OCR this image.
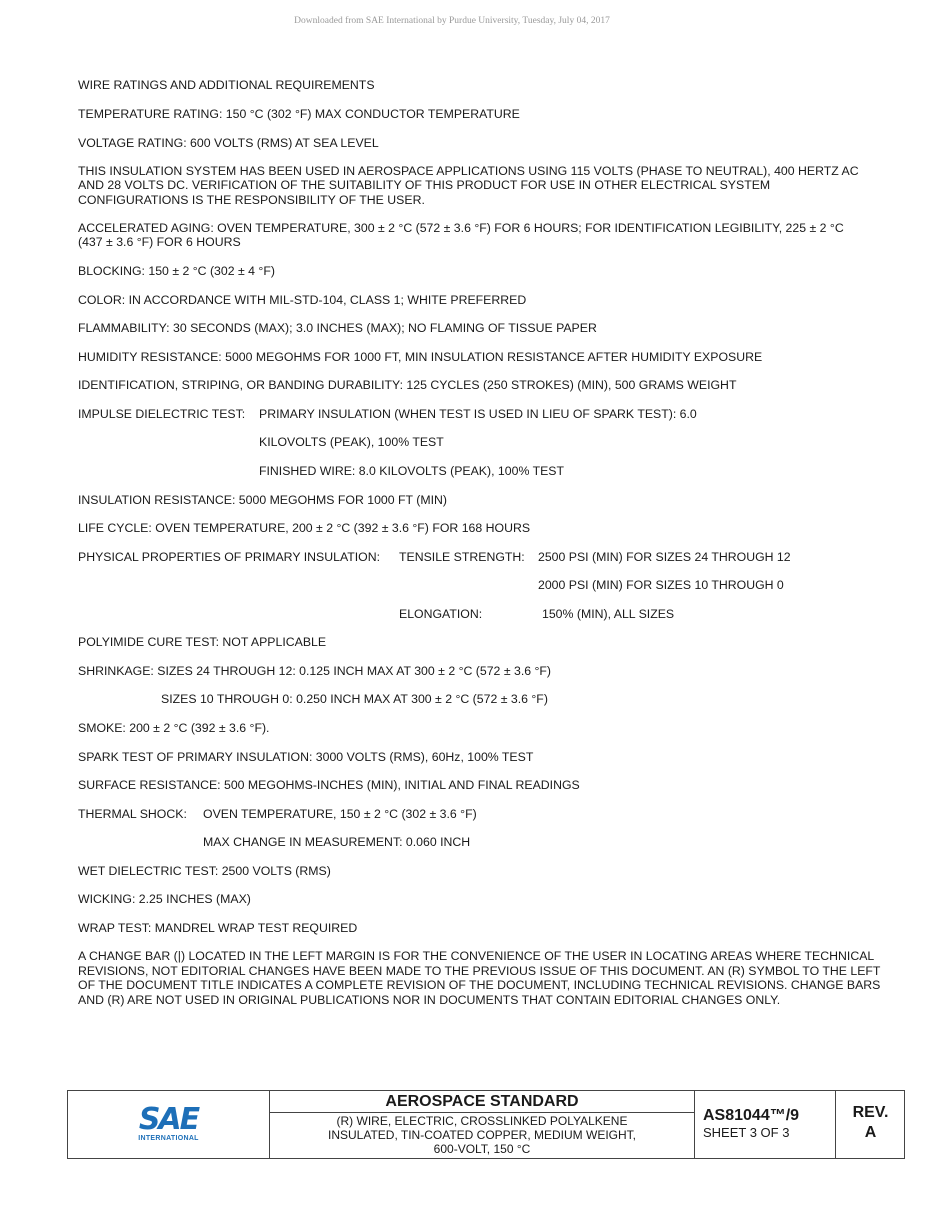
Downloaded from SAE International by Purdue University, Tuesday, July 04, 2017
WIRE RATINGS AND ADDITIONAL REQUIREMENTS
TEMPERATURE RATING: 150 °C (302 °F) MAX CONDUCTOR TEMPERATURE
VOLTAGE RATING: 600 VOLTS (RMS) AT SEA LEVEL
THIS INSULATION SYSTEM HAS BEEN USED IN AEROSPACE APPLICATIONS USING 115 VOLTS (PHASE TO NEUTRAL), 400 HERTZ AC
AND 28 VOLTS DC. VERIFICATION OF THE SUITABILITY OF THIS PRODUCT FOR USE IN OTHER ELECTRICAL SYSTEM
CONFIGURATIONS IS THE RESPONSIBILITY OF THE USER.
ACCELERATED AGING: OVEN TEMPERATURE, 300 ± 2 °C (572 ± 3.6 °F) FOR 6 HOURS; FOR IDENTIFICATION LEGIBILITY, 225 ± 2 °C
(437 ± 3.6 °F) FOR 6 HOURS
BLOCKING: 150 ± 2 °C (302 ± 4 °F)
COLOR: IN ACCORDANCE WITH MIL-STD-104, CLASS 1; WHITE PREFERRED
FLAMMABILITY: 30 SECONDS (MAX); 3.0 INCHES (MAX); NO FLAMING OF TISSUE PAPER
HUMIDITY RESISTANCE: 5000 MEGOHMS FOR 1000 FT, MIN INSULATION RESISTANCE AFTER HUMIDITY EXPOSURE
IDENTIFICATION, STRIPING, OR BANDING DURABILITY: 125 CYCLES (250 STROKES) (MIN), 500 GRAMS WEIGHT
IMPULSE DIELECTRIC TEST: PRIMARY INSULATION (WHEN TEST IS USED IN LIEU OF SPARK TEST): 6.0
KILOVOLTS (PEAK), 100% TEST
FINISHED WIRE: 8.0 KILOVOLTS (PEAK), 100% TEST
INSULATION RESISTANCE: 5000 MEGOHMS FOR 1000 FT (MIN)
LIFE CYCLE: OVEN TEMPERATURE, 200 ± 2 °C (392 ± 3.6 °F) FOR 168 HOURS
PHYSICAL PROPERTIES OF PRIMARY INSULATION: TENSILE STRENGTH: 2500 PSI (MIN) FOR SIZES 24 THROUGH 12
2000 PSI (MIN) FOR SIZES 10 THROUGH 0
ELONGATION:	150% (MIN), ALL SIZES
POLYIMIDE CURE TEST: NOT APPLICABLE
SHRINKAGE: SIZES 24 THROUGH 12: 0.125 INCH MAX AT 300 ± 2 °C (572 ± 3.6 °F)
SIZES 10 THROUGH 0: 0.250 INCH MAX AT 300 ± 2 °C (572 ± 3.6 °F)
SMOKE: 200 ± 2 °C (392 ± 3.6 °F).
SPARK TEST OF PRIMARY INSULATION: 3000 VOLTS (RMS), 60Hz, 100% TEST
SURFACE RESISTANCE: 500 MEGOHMS-INCHES (MIN), INITIAL AND FINAL READINGS
THERMAL SHOCK: OVEN TEMPERATURE, 150 ± 2 °C (302 ± 3.6 °F)
MAX CHANGE IN MEASUREMENT: 0.060 INCH
WET DIELECTRIC TEST: 2500 VOLTS (RMS)
WICKING: 2.25 INCHES (MAX)
WRAP TEST: MANDREL WRAP TEST REQUIRED
A CHANGE BAR (|) LOCATED IN THE LEFT MARGIN IS FOR THE CONVENIENCE OF THE USER IN LOCATING AREAS WHERE TECHNICAL REVISIONS, NOT EDITORIAL CHANGES HAVE BEEN MADE TO THE PREVIOUS ISSUE OF THIS DOCUMENT. AN (R) SYMBOL TO THE LEFT OF THE DOCUMENT TITLE INDICATES A COMPLETE REVISION OF THE DOCUMENT, INCLUDING TECHNICAL REVISIONS. CHANGE BARS AND (R) ARE NOT USED IN ORIGINAL PUBLICATIONS NOR IN DOCUMENTS THAT CONTAIN EDITORIAL CHANGES ONLY.
SAE
INTERNATIONAL
AEROSPACE STANDARD
(R) WIRE, ELECTRIC, CROSSLINKED POLYALKENE
INSULATED, TIN-COATED COPPER, MEDIUM WEIGHT,
600-VOLT, 150 °C
AS81044™/9
SHEET 3 OF 3
REV.
A
